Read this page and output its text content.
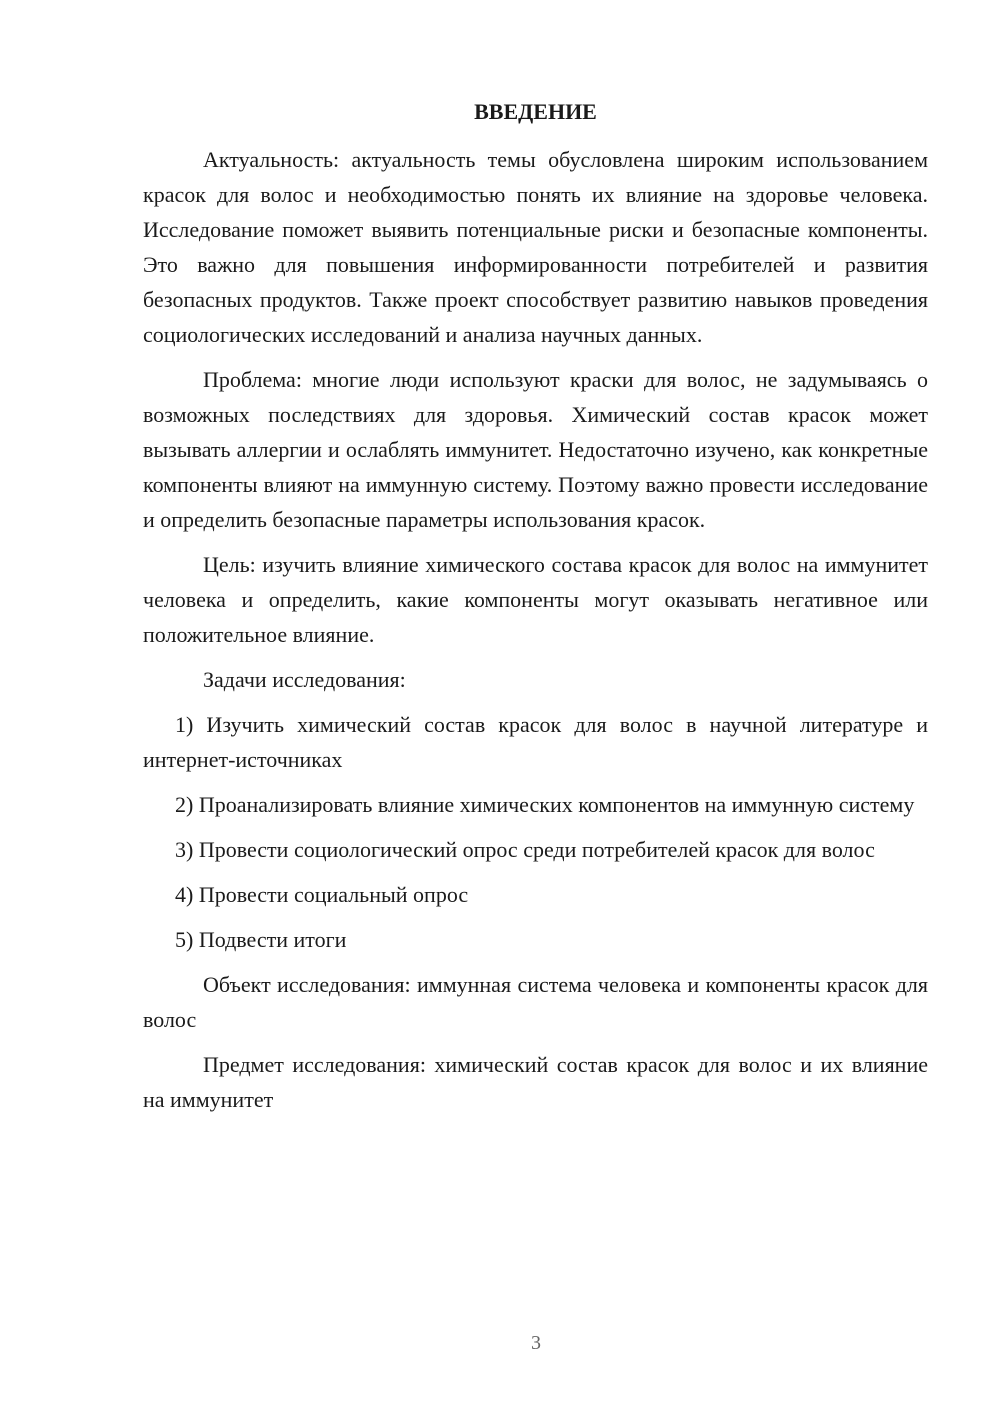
ВВЕДЕНИЕ

Актуальность: актуальность темы обусловлена широким использованием красок для волос и необходимостью понять их влияние на здоровье человека. Исследование поможет выявить потенциальные риски и безопасные компоненты. Это важно для повышения информированности потребителей и развития безопасных продуктов. Также проект способствует развитию навыков проведения социологических исследований и анализа научных данных.

Проблема: многие люди используют краски для волос, не задумываясь о возможных последствиях для здоровья. Химический состав красок может вызывать аллергии и ослаблять иммунитет. Недостаточно изучено, как конкретные компоненты влияют на иммунную систему. Поэтому важно провести исследование и определить безопасные параметры использования красок.

Цель: изучить влияние химического состава красок для волос на иммунитет человека и определить, какие компоненты могут оказывать негативное или положительное влияние.

Задачи исследования:

1) Изучить химический состав красок для волос в научной литературе и интернет-источниках

2) Проанализировать влияние химических компонентов на иммунную систему

3) Провести социологический опрос среди потребителей красок для волос

4) Провести социальный опрос

5) Подвести итоги

Объект исследования: иммунная система человека и компоненты красок для волос

Предмет исследования: химический состав красок для волос и их влияние на иммунитет

3
